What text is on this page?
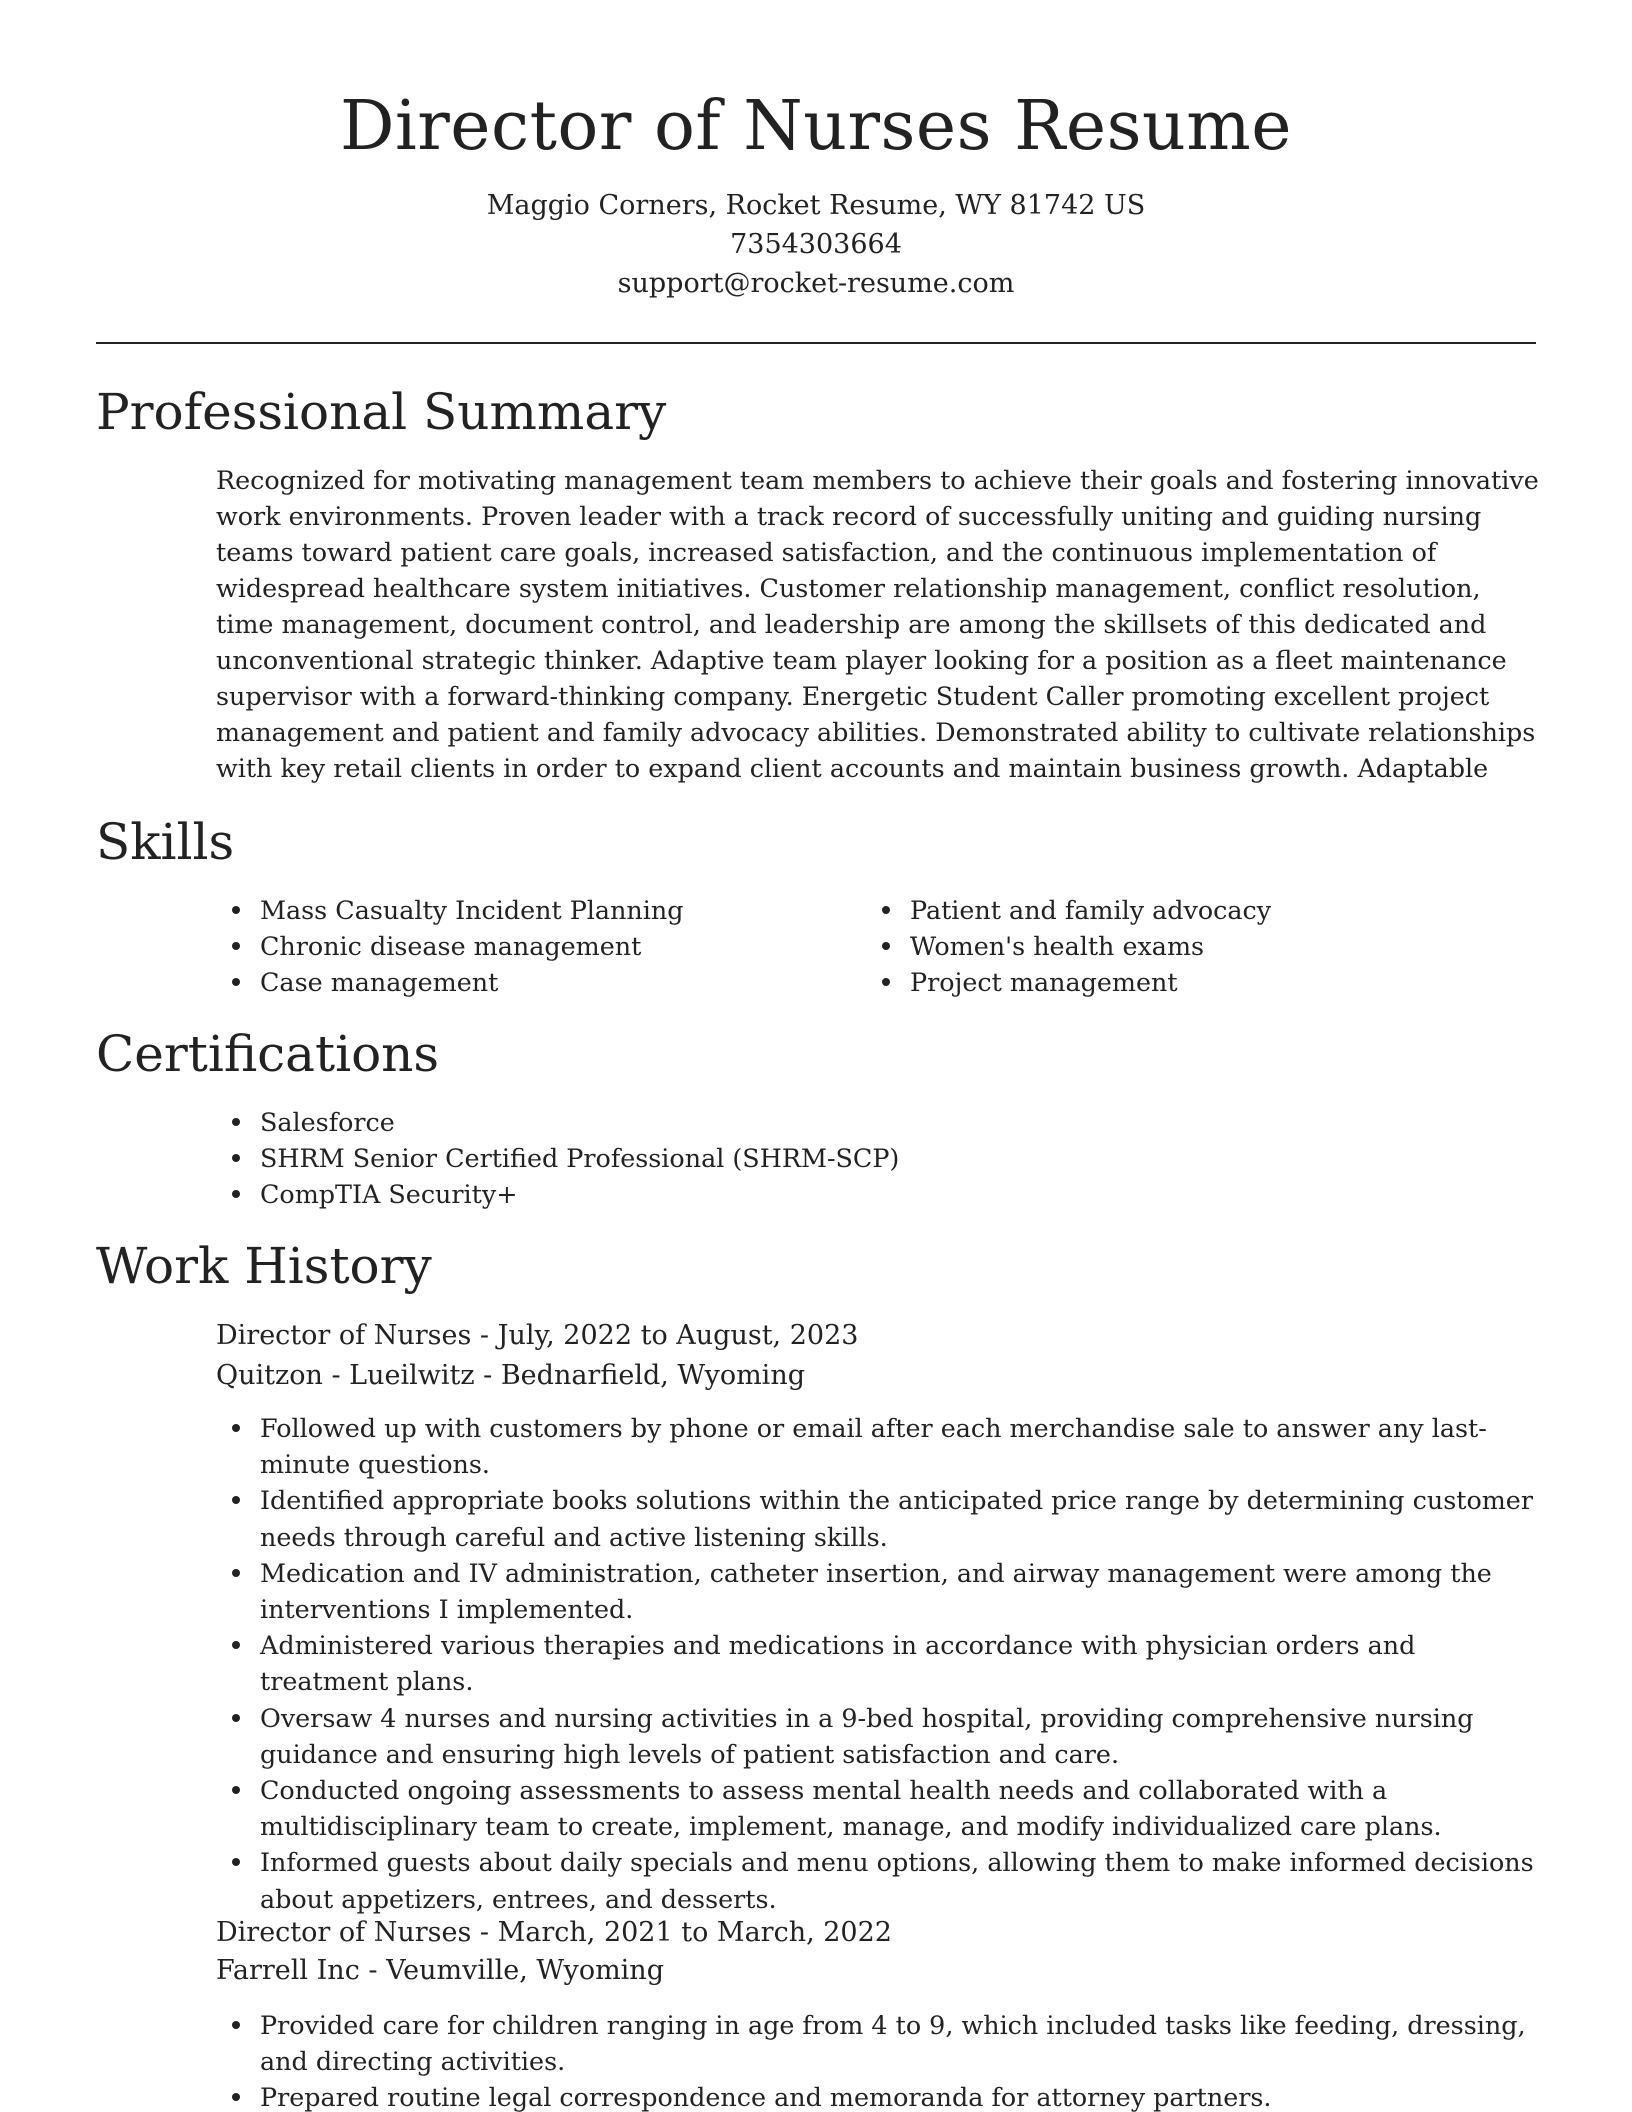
Director of Nurses Resume
Maggio Corners, Rocket Resume, WY 81742 US
7354303664
support@rocket-resume.com
Professional Summary

Recognized for motivating management team members to achieve their goals and fostering innovative work environments. Proven leader with a track record of successfully uniting and guiding nursing teams toward patient care goals, increased satisfaction, and the continuous implementation of widespread healthcare system initiatives. Customer relationship management, conflict resolution, time management, document control, and leadership are among the skillsets of this dedicated and unconventional strategic thinker. Adaptive team player looking for a position as a fleet maintenance supervisor with a forward-thinking company. Energetic Student Caller promoting excellent project management and patient and family advocacy abilities. Demonstrated ability to cultivate relationships with key retail clients in order to expand client accounts and maintain business growth. Adaptable

Skills
Mass Casualty Incident Planning
Chronic disease management
Case management
Patient and family advocacy
Women's health exams
Project management
Certifications
Salesforce
SHRM Senior Certified Professional (SHRM-SCP)
CompTIA Security+
Work History
Director of Nurses - July, 2022 to August, 2023
Quitzon - Lueilwitz - Bednarfield, Wyoming
Followed up with customers by phone or email after each merchandise sale to answer any last-minute questions.
Identified appropriate books solutions within the anticipated price range by determining customer needs through careful and active listening skills.
Medication and IV administration, catheter insertion, and airway management were among the interventions I implemented.
Administered various therapies and medications in accordance with physician orders and treatment plans.
Oversaw 4 nurses and nursing activities in a 9-bed hospital, providing comprehensive nursing guidance and ensuring high levels of patient satisfaction and care.
Conducted ongoing assessments to assess mental health needs and collaborated with a multidisciplinary team to create, implement, manage, and modify individualized care plans.
Informed guests about daily specials and menu options, allowing them to make informed decisions about appetizers, entrees, and desserts.
Director of Nurses - March, 2021 to March, 2022
Farrell Inc - Veumville, Wyoming
Provided care for children ranging in age from 4 to 9, which included tasks like feeding, dressing, and directing activities.
Prepared routine legal correspondence and memoranda for attorney partners.
